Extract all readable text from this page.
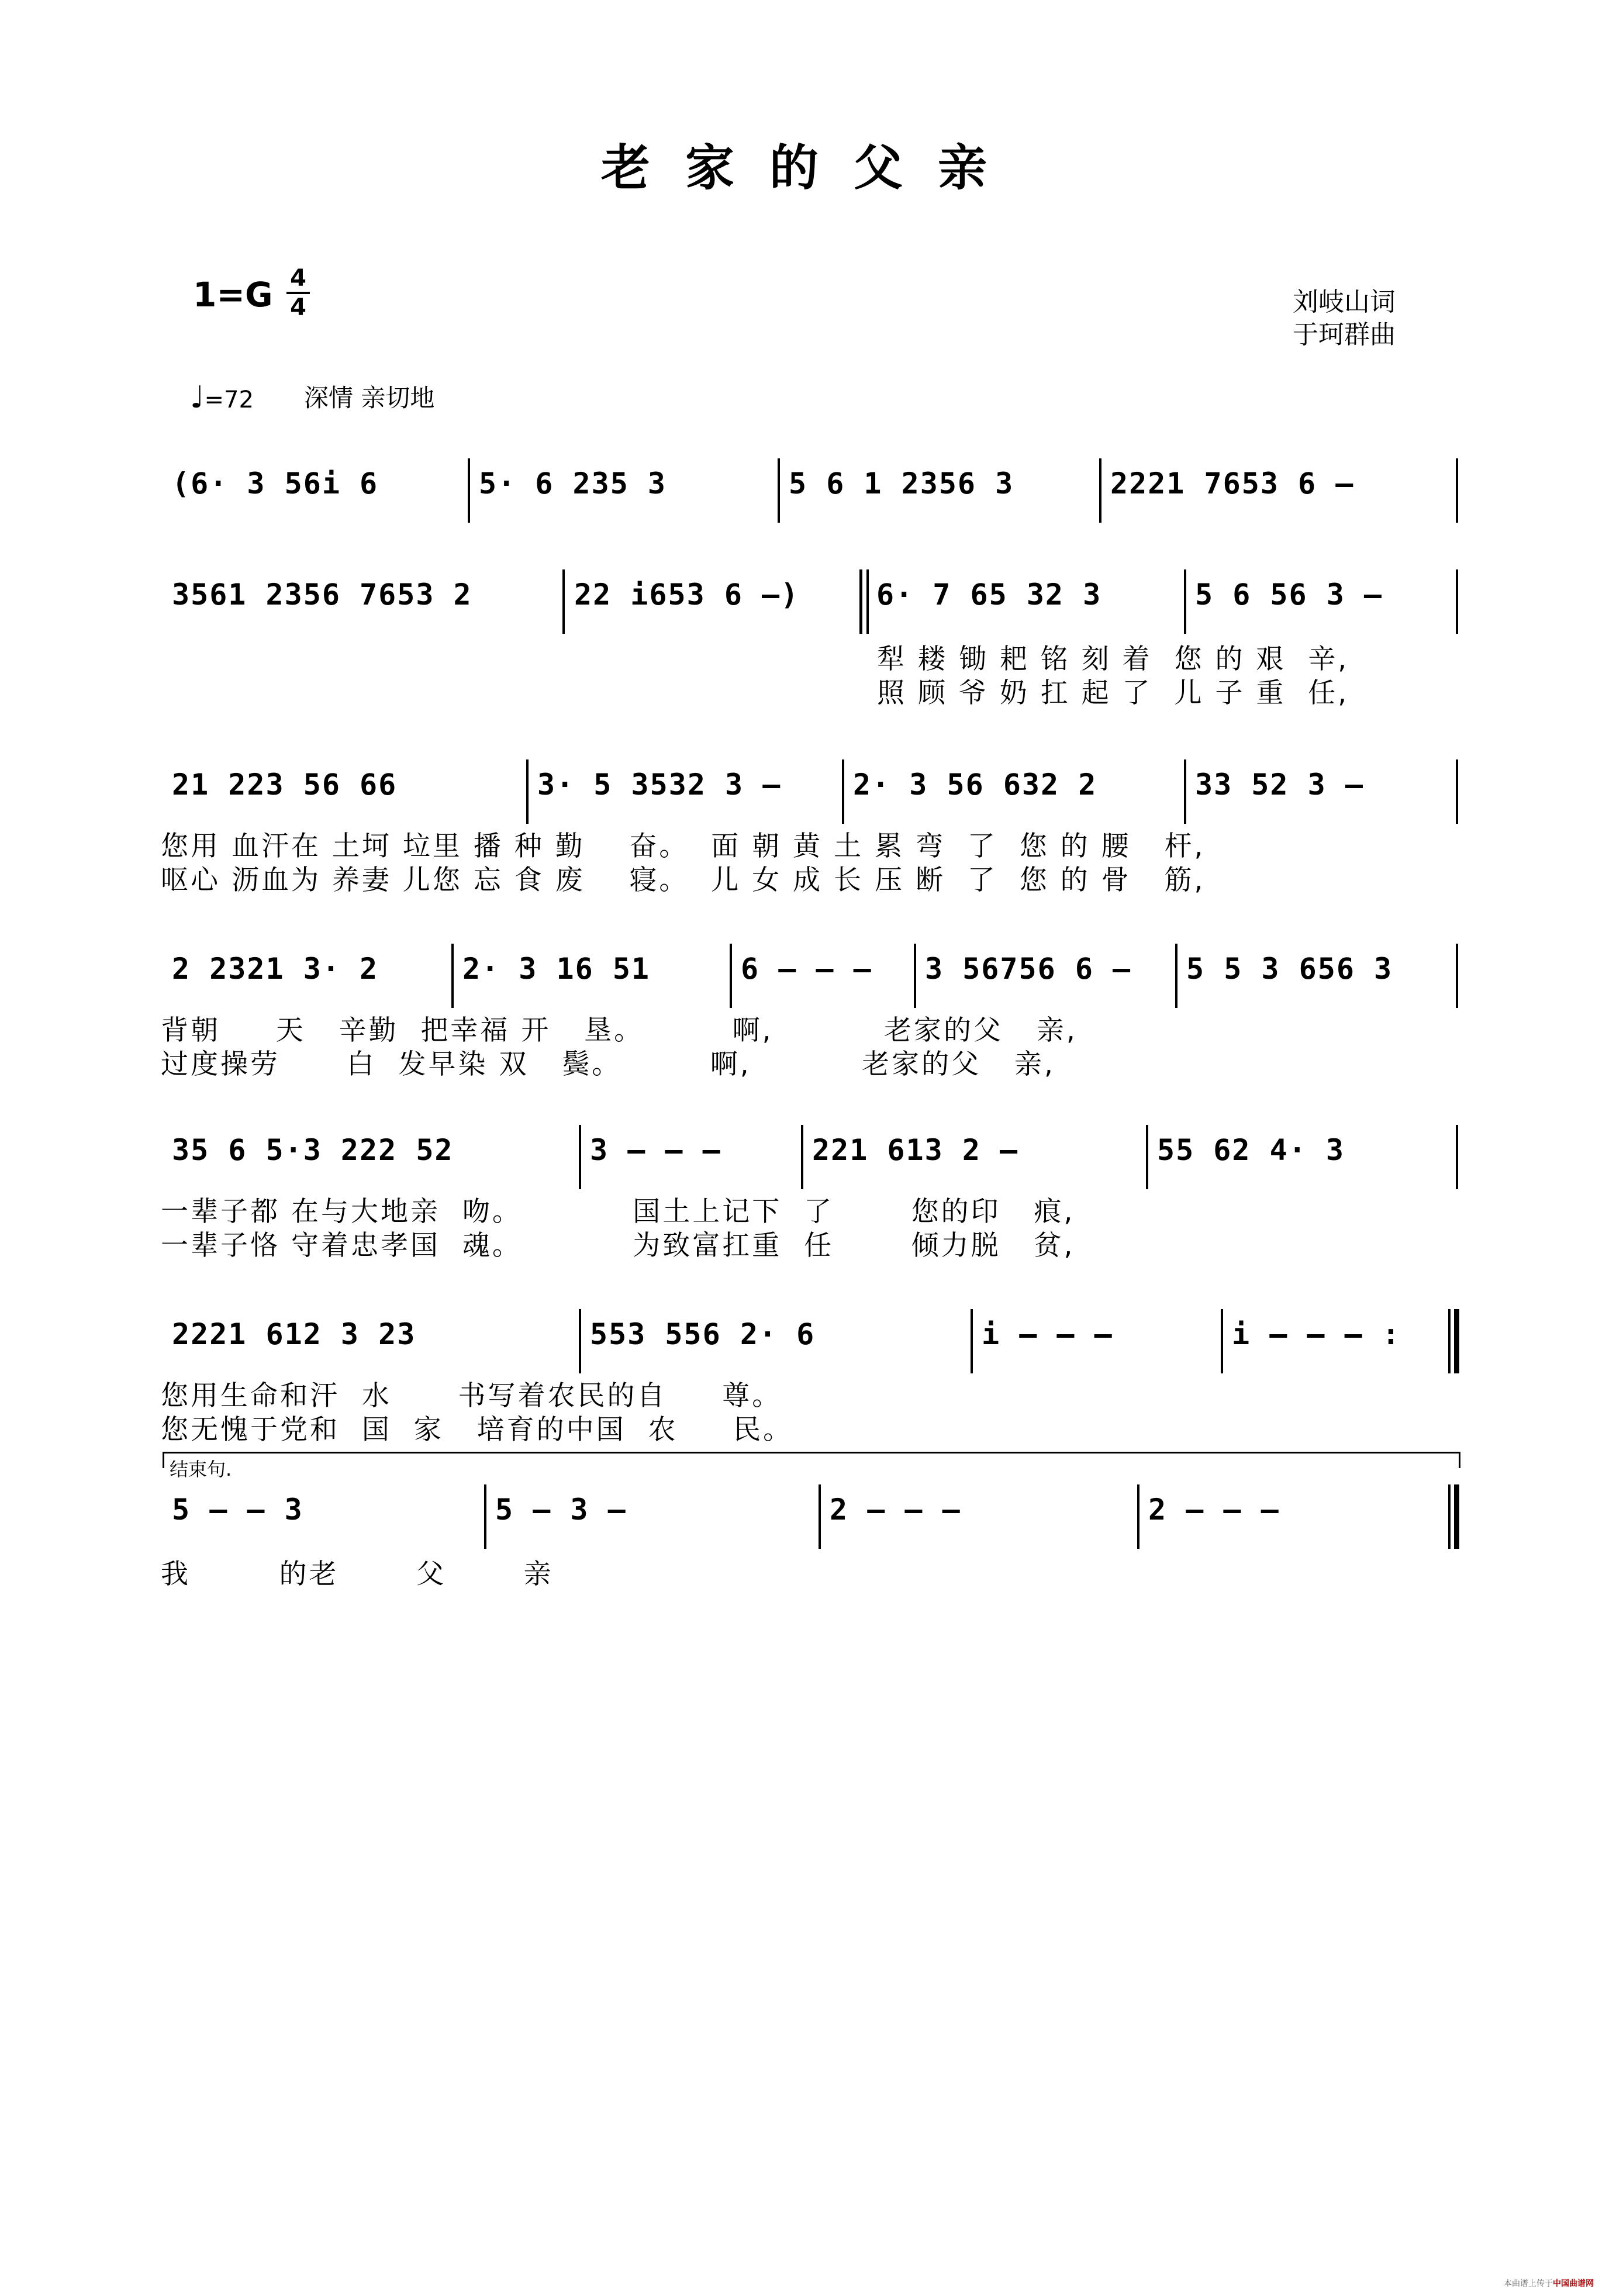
老家的父亲
1=G 4
4	刘岐山词
于珂群曲
♩=72 深情 亲切地
(6· 3 56i 6	5· 6 235 3	5 6 1 2356 3	2221 7653 6 –
3561 2356 7653 2	22 i653 6 –)	6· 7 65 32 3	5 6 56 3 –
犁 耧 锄 耙 铭 刻 着  您 的 艰  辛,
照 顾 爷 奶 扛 起 了  儿 子 重  任,
21 223 56 66	3· 5 3532 3 –	2· 3 56 632 2	33 52 3 –
您用 血汗在 土坷 垃里 播 种 勤    奋。  面 朝 黄 土 累 弯  了  您 的 腰   杆,
呕心 沥血为 养妻 儿您 忘 食 废    寝。  儿 女 成 长 压 断  了  您 的 骨   筋,
2 2321 3· 2	2· 3 16 51	6 – – –	3 56756 6 –	5 5 3 656 3
背朝     天   辛勤  把幸福 开   垦。        啊,          老家的父   亲,
过度操劳      白  发早染 双   鬓。        啊,          老家的父   亲,
35 6 5·3 222 52	3 – – –	221 613 2 –	55 62 4· 3
一辈子都 在与大地亲  吻。          国土上记下  了       您的印   痕,
一辈子恪 守着忠孝国  魂。          为致富扛重  任       倾力脱   贫,
2221 612 3 23	553 556 2· 6	i – – –	i – – – :
您用生命和汗  水      书写着农民的自     尊。
您无愧于党和  国  家   培育的中国  农     民。
结束句.
5 – – 3	5 – 3 –	2 – – –	2 – – –
我        的老       父       亲
本曲谱上传于中国曲谱网
